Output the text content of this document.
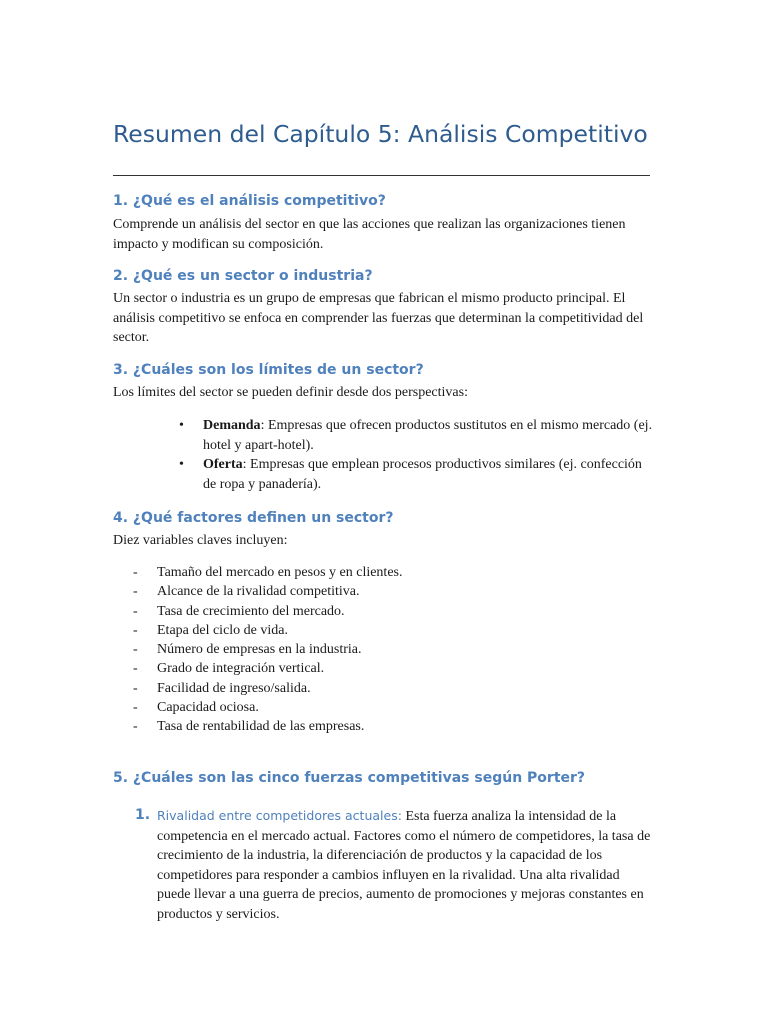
Resumen del Capítulo 5: Análisis Competitivo
1. ¿Qué es el análisis competitivo?

Comprende un análisis del sector en que las acciones que realizan las organizaciones tienen impacto y modifican su composición.

2. ¿Qué es un sector o industria?

Un sector o industria es un grupo de empresas que fabrican el mismo producto principal. El análisis competitivo se enfoca en comprender las fuerzas que determinan la competitividad del sector.

3. ¿Cuáles son los límites de un sector?

Los límites del sector se pueden definir desde dos perspectivas:

• Demanda: Empresas que ofrecen productos sustitutos en el mismo mercado (ej. hotel y apart-hotel).
• Oferta: Empresas que emplean procesos productivos similares (ej. confección de ropa y panadería).
4. ¿Qué factores definen un sector?

Diez variables claves incluyen:

- Tamaño del mercado en pesos y en clientes.
- Alcance de la rivalidad competitiva.
- Tasa de crecimiento del mercado.
- Etapa del ciclo de vida.
- Número de empresas en la industria.
- Grado de integración vertical.
- Facilidad de ingreso/salida.
- Capacidad ociosa.
- Tasa de rentabilidad de las empresas.
5. ¿Cuáles son las cinco fuerzas competitivas según Porter?
1. Rivalidad entre competidores actuales: Esta fuerza analiza la intensidad de la competencia en el mercado actual. Factores como el número de competidores, la tasa de crecimiento de la industria, la diferenciación de productos y la capacidad de los competidores para responder a cambios influyen en la rivalidad. Una alta rivalidad puede llevar a una guerra de precios, aumento de promociones y mejoras constantes en productos y servicios.
